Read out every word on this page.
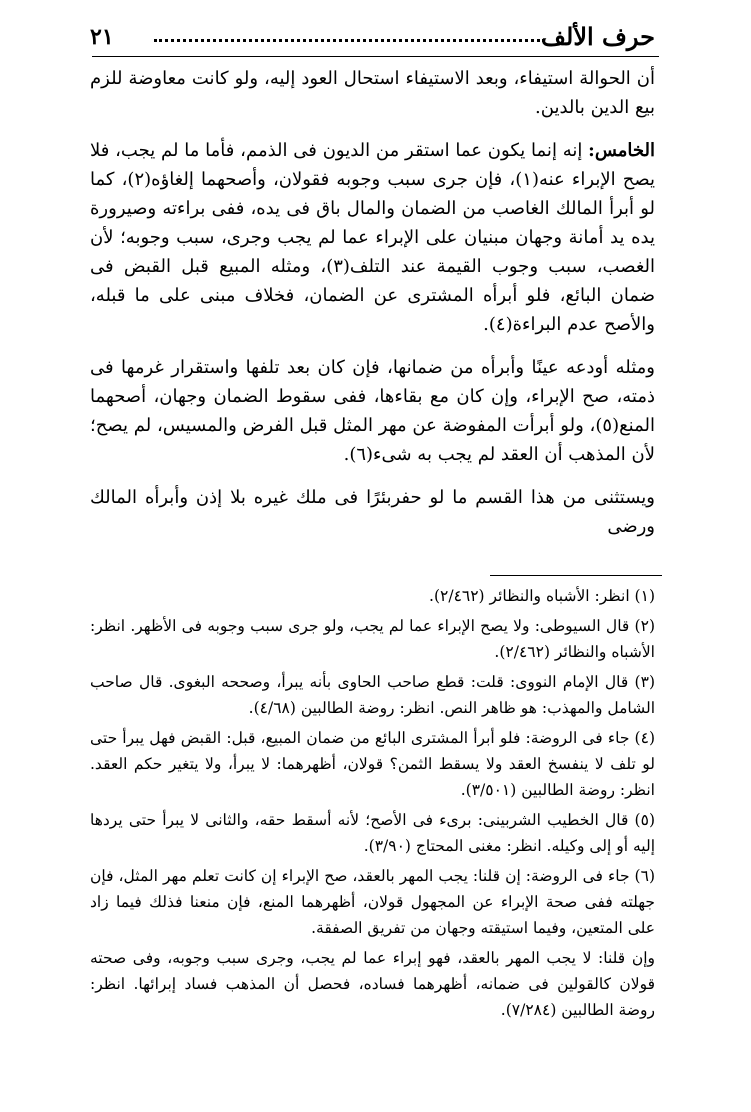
حرف الألف
٢١

أن الحوالة استيفاء، وبعد الاستيفاء استحال العود إليه، ولو كانت معاوضة للزم بيع الدين بالدين.

الخامس: إنه إنما يكون عما استقر من الديون فى الذمم، فأما ما لم يجب، فلا يصح الإبراء عنه(١)، فإن جرى سبب وجوبه فقولان، وأصحهما إلغاؤه(٢)، كما لو أبرأ المالك الغاصب من الضمان والمال باق فى يده، ففى براءته وصيرورة يده يد أمانة وجهان مبنيان على الإبراء عما لم يجب وجرى، سبب وجوبه؛ لأن الغصب، سبب وجوب القيمة عند التلف(٣)، ومثله المبيع قبل القبض فى ضمان البائع، فلو أبرأه المشترى عن الضمان، فخلاف مبنى على ما قبله، والأصح عدم البراءة(٤).

ومثله أودعه عينًا وأبرأه من ضمانها، فإن كان بعد تلفها واستقرار غرمها فى ذمته، صح الإبراء، وإن كان مع بقاءها، ففى سقوط الضمان وجهان، أصحهما المنع(٥)، ولو أبرأت المفوضة عن مهر المثل قبل الفرض والمسيس، لم يصح؛ لأن المذهب أن العقد لم يجب به شىء(٦).

ويستثنى من هذا القسم ما لو حفربئرًا فى ملك غيره بلا إذن وأبرأه المالك ورضى

(١) انظر: الأشباه والنظائر (٢/٤٦٢).

(٢) قال السيوطى: ولا يصح الإبراء عما لم يجب، ولو جرى سبب وجوبه فى الأظهر. انظر: الأشباه والنظائر (٢/٤٦٢).

(٣) قال الإمام النووى: قلت: قطع صاحب الحاوى بأنه يبرأ، وصححه البغوى. قال صاحب الشامل والمهذب: هو ظاهر النص. انظر: روضة الطالبين (٤/٦٨).

(٤) جاء فى الروضة: فلو أبرأ المشترى البائع من ضمان المبيع، قبل: القبض فهل يبرأ حتى لو تلف لا ينفسخ العقد ولا يسقط الثمن؟ قولان، أظهرهما: لا يبرأ، ولا يتغير حكم العقد. انظر: روضة الطالبين (٣/٥٠١).

(٥) قال الخطيب الشربينى: برىء فى الأصح؛ لأنه أسقط حقه، والثانى لا يبرأ حتى يردها إليه أو إلى وكيله. انظر: مغنى المحتاج (٣/٩٠).

(٦) جاء فى الروضة: إن قلنا: يجب المهر بالعقد، صح الإبراء إن كانت تعلم مهر المثل، فإن جهلته ففى صحة الإبراء عن المجهول قولان، أظهرهما المنع، فإن منعنا فذلك فيما زاد على المتعين، وفيما استيقته وجهان من تفريق الصفقة.

وإن قلنا: لا يجب المهر بالعقد، فهو إبراء عما لم يجب، وجرى سبب وجوبه، وفى صحته قولان كالقولين فى ضمانه، أظهرهما فساده، فحصل أن المذهب فساد إبرائها. انظر: روضة الطالبين (٧/٢٨٤).
